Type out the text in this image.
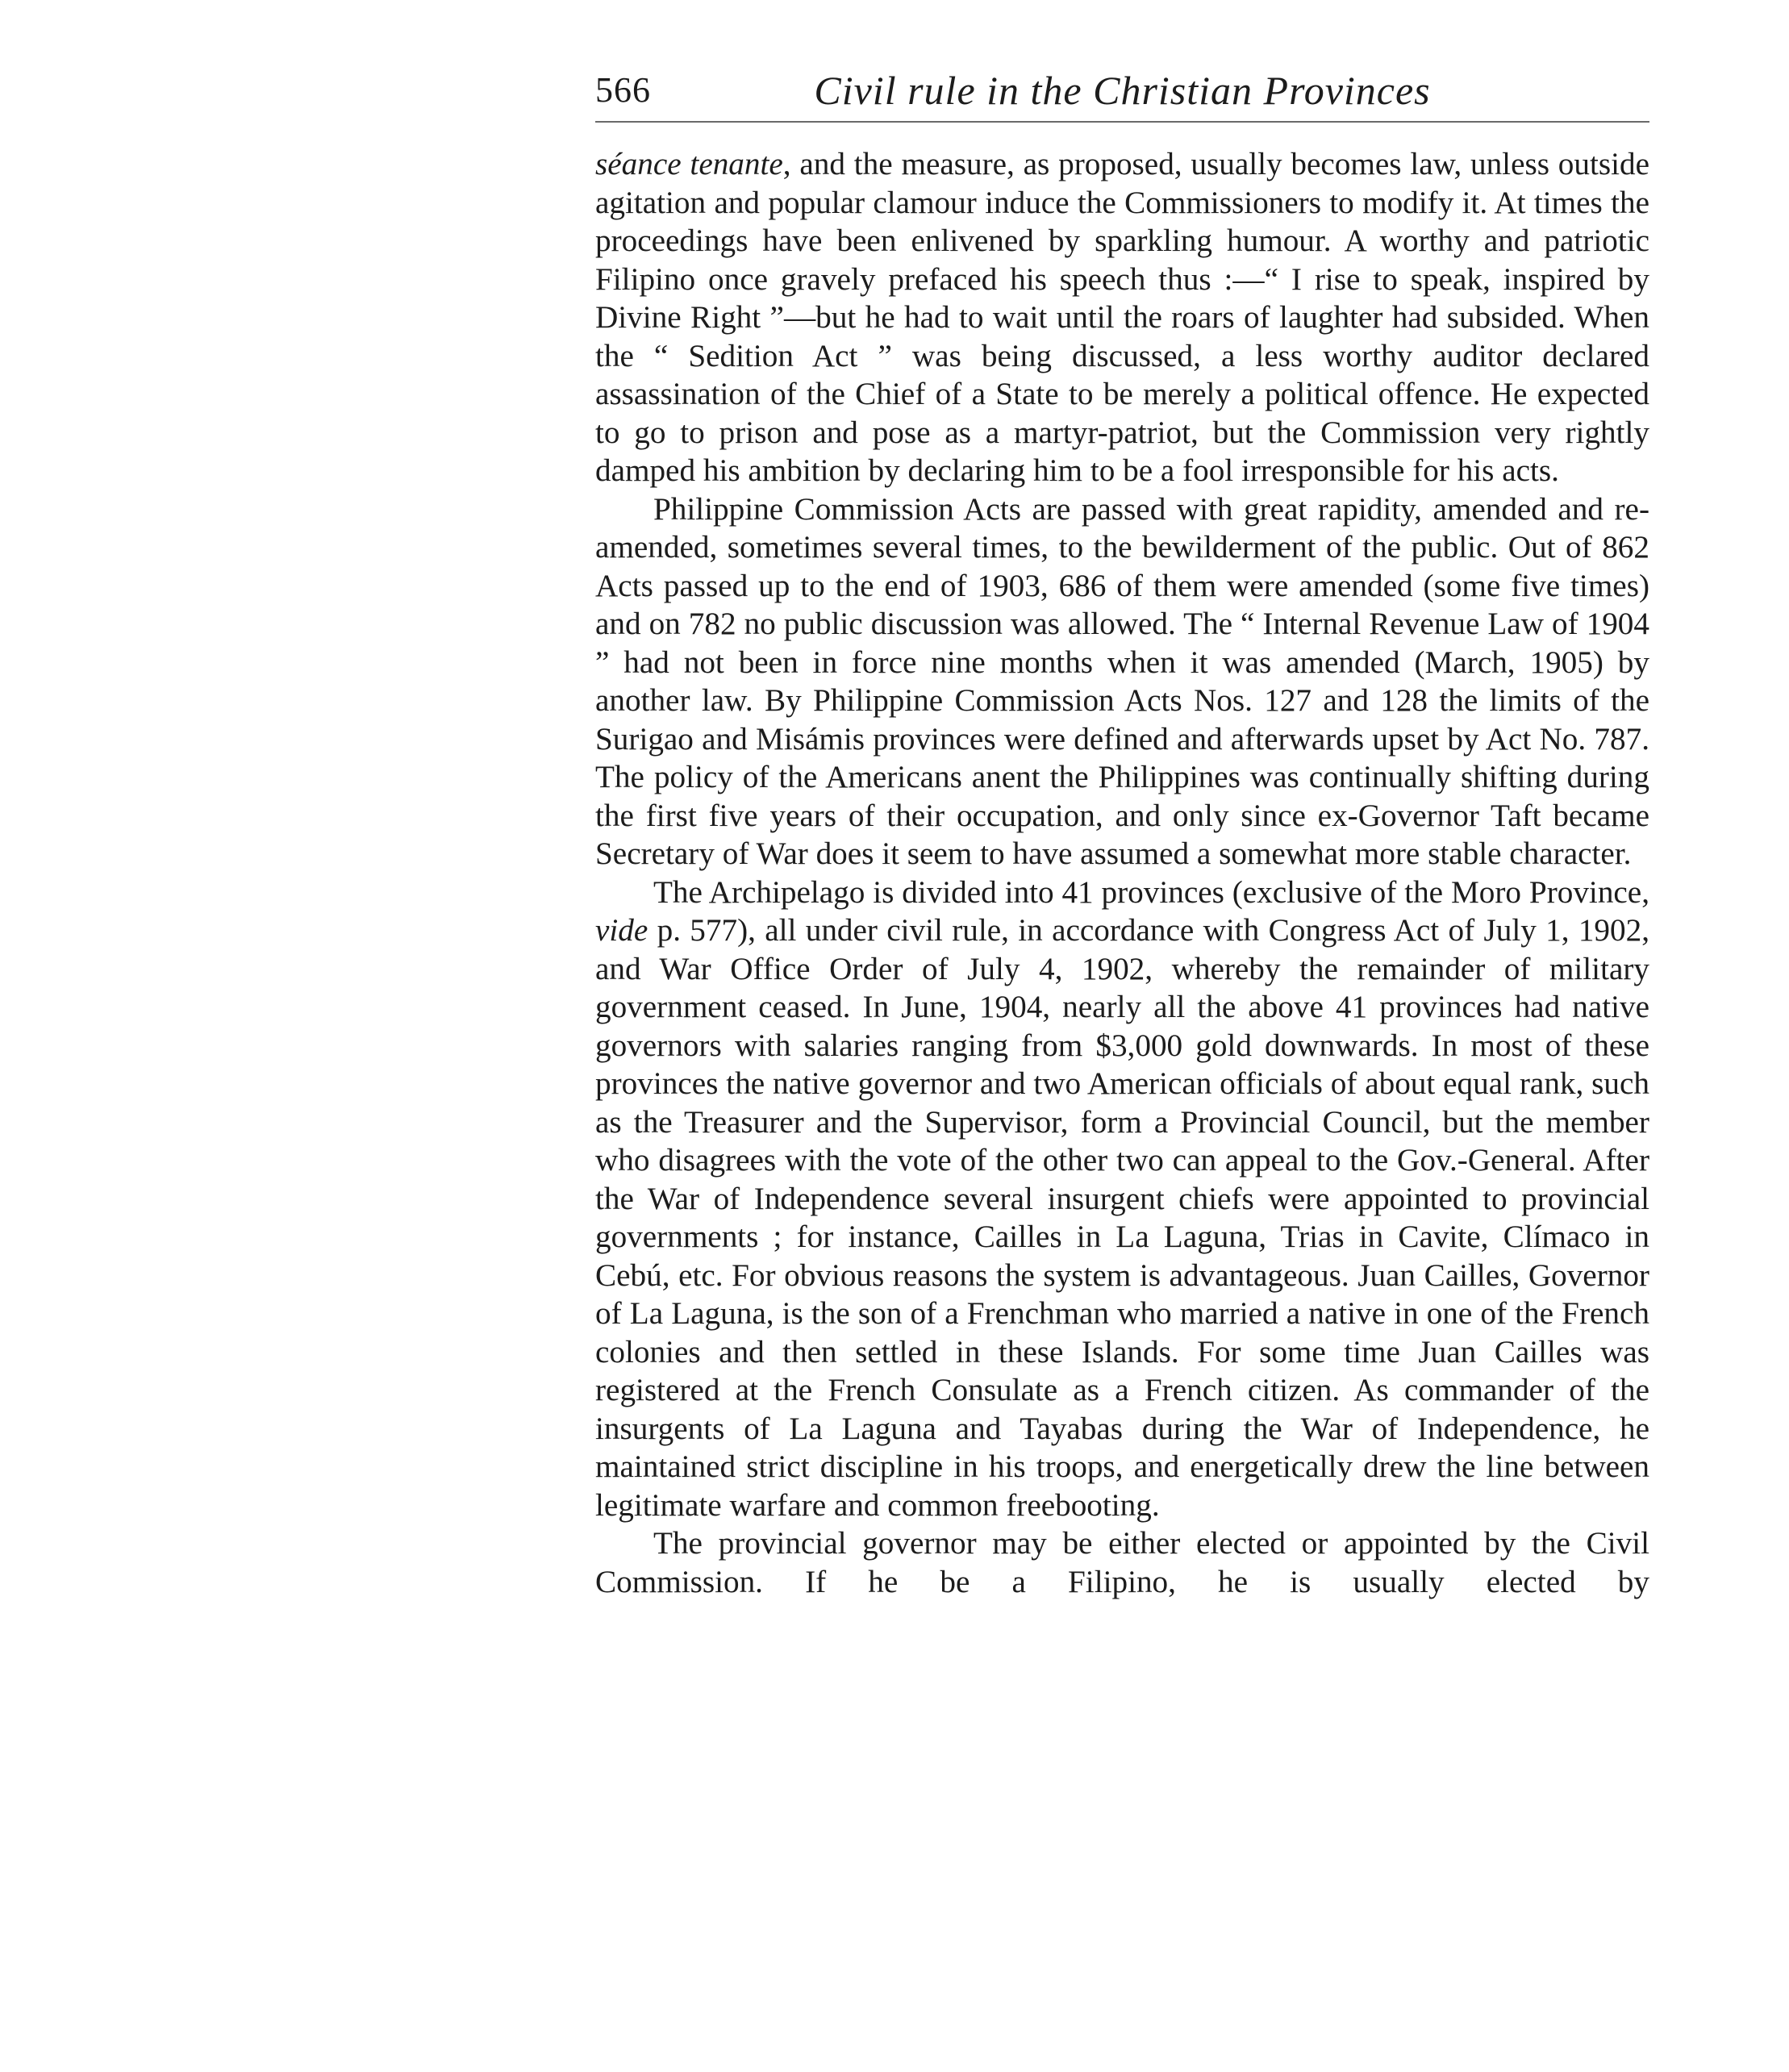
566	Civil rule in the Christian Provinces

séance tenante, and the measure, as proposed, usually becomes law, unless outside agitation and popular clamour induce the Commissioners to modify it. At times the proceedings have been enlivened by sparkling humour. A worthy and patriotic Filipino once gravely prefaced his speech thus :—“ I rise to speak, inspired by Divine Right ”—but he had to wait until the roars of laughter had subsided. When the “ Sedition Act ” was being discussed, a less worthy auditor declared assassination of the Chief of a State to be merely a political offence. He expected to go to prison and pose as a martyr-patriot, but the Commission very rightly damped his ambition by declaring him to be a fool irresponsible for his acts.

Philippine Commission Acts are passed with great rapidity, amended and re-amended, sometimes several times, to the bewilderment of the public. Out of 862 Acts passed up to the end of 1903, 686 of them were amended (some five times) and on 782 no public discussion was allowed. The “ Internal Revenue Law of 1904 ” had not been in force nine months when it was amended (March, 1905) by another law. By Philippine Commission Acts Nos. 127 and 128 the limits of the Surigao and Misámis provinces were defined and afterwards upset by Act No. 787. The policy of the Americans anent the Philippines was continually shifting during the first five years of their occupation, and only since ex-Governor Taft became Secretary of War does it seem to have assumed a somewhat more stable character.

The Archipelago is divided into 41 provinces (exclusive of the Moro Province, vide p. 577), all under civil rule, in accordance with Congress Act of July 1, 1902, and War Office Order of July 4, 1902, whereby the remainder of military government ceased. In June, 1904, nearly all the above 41 provinces had native governors with salaries ranging from $3,000 gold downwards. In most of these provinces the native governor and two American officials of about equal rank, such as the Treasurer and the Supervisor, form a Provincial Council, but the member who disagrees with the vote of the other two can appeal to the Gov.-General. After the War of Independence several insurgent chiefs were appointed to provincial governments ; for instance, Cailles in La Laguna, Trias in Cavite, Clímaco in Cebú, etc. For obvious reasons the system is advantageous. Juan Cailles, Governor of La Laguna, is the son of a Frenchman who married a native in one of the French colonies and then settled in these Islands. For some time Juan Cailles was registered at the French Consulate as a French citizen. As commander of the insurgents of La Laguna and Tayabas during the War of Independence, he maintained strict discipline in his troops, and energetically drew the line between legitimate warfare and common freebooting.

The provincial governor may be either elected or appointed by the Civil Commission. If he be a Filipino, he is usually elected by
